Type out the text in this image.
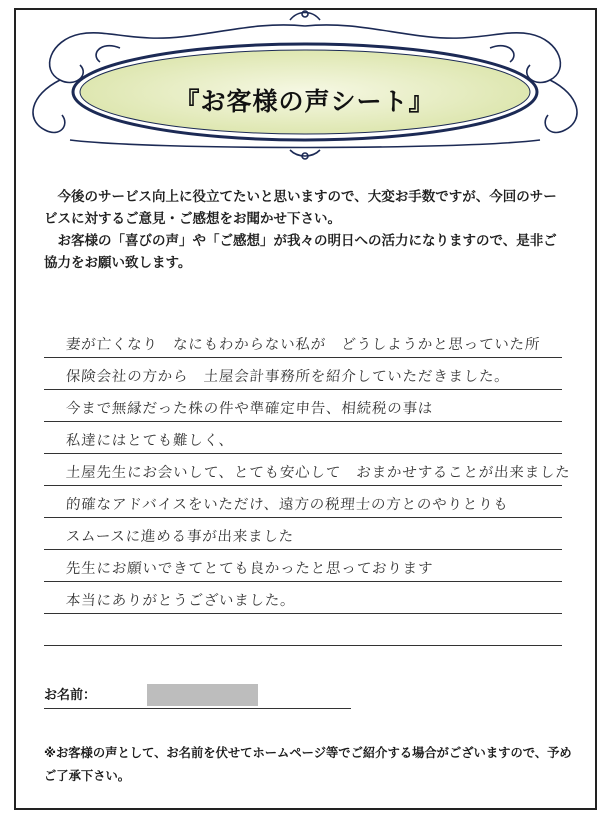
『お客様の声シート』

　今後のサービス向上に役立てたいと思いますので、大変お手数ですが、今回のサービスに対するご意見・ご感想をお聞かせ下さい。

　お客様の「喜びの声」や「ご感想」が我々の明日への活力になりますので、是非ご協力をお願い致します。

妻が亡くなり　なにもわからない私が　どうしようかと思っていた所
保険会社の方から　土屋会計事務所を紹介していただきました。
今まで無縁だった株の件や準確定申告、相続税の事は
私達にはとても難しく、
土屋先生にお会いして、とても安心して　おまかせすることが出来ました
的確なアドバイスをいただけ、遠方の税理士の方とのやりとりも
スムースに進める事が出来ました
先生にお願いできてとても良かったと思っております
本当にありがとうございました。
お名前：
※お客様の声として、お名前を伏せてホームページ等でご紹介する場合がございますので、予めご了承下さい。
